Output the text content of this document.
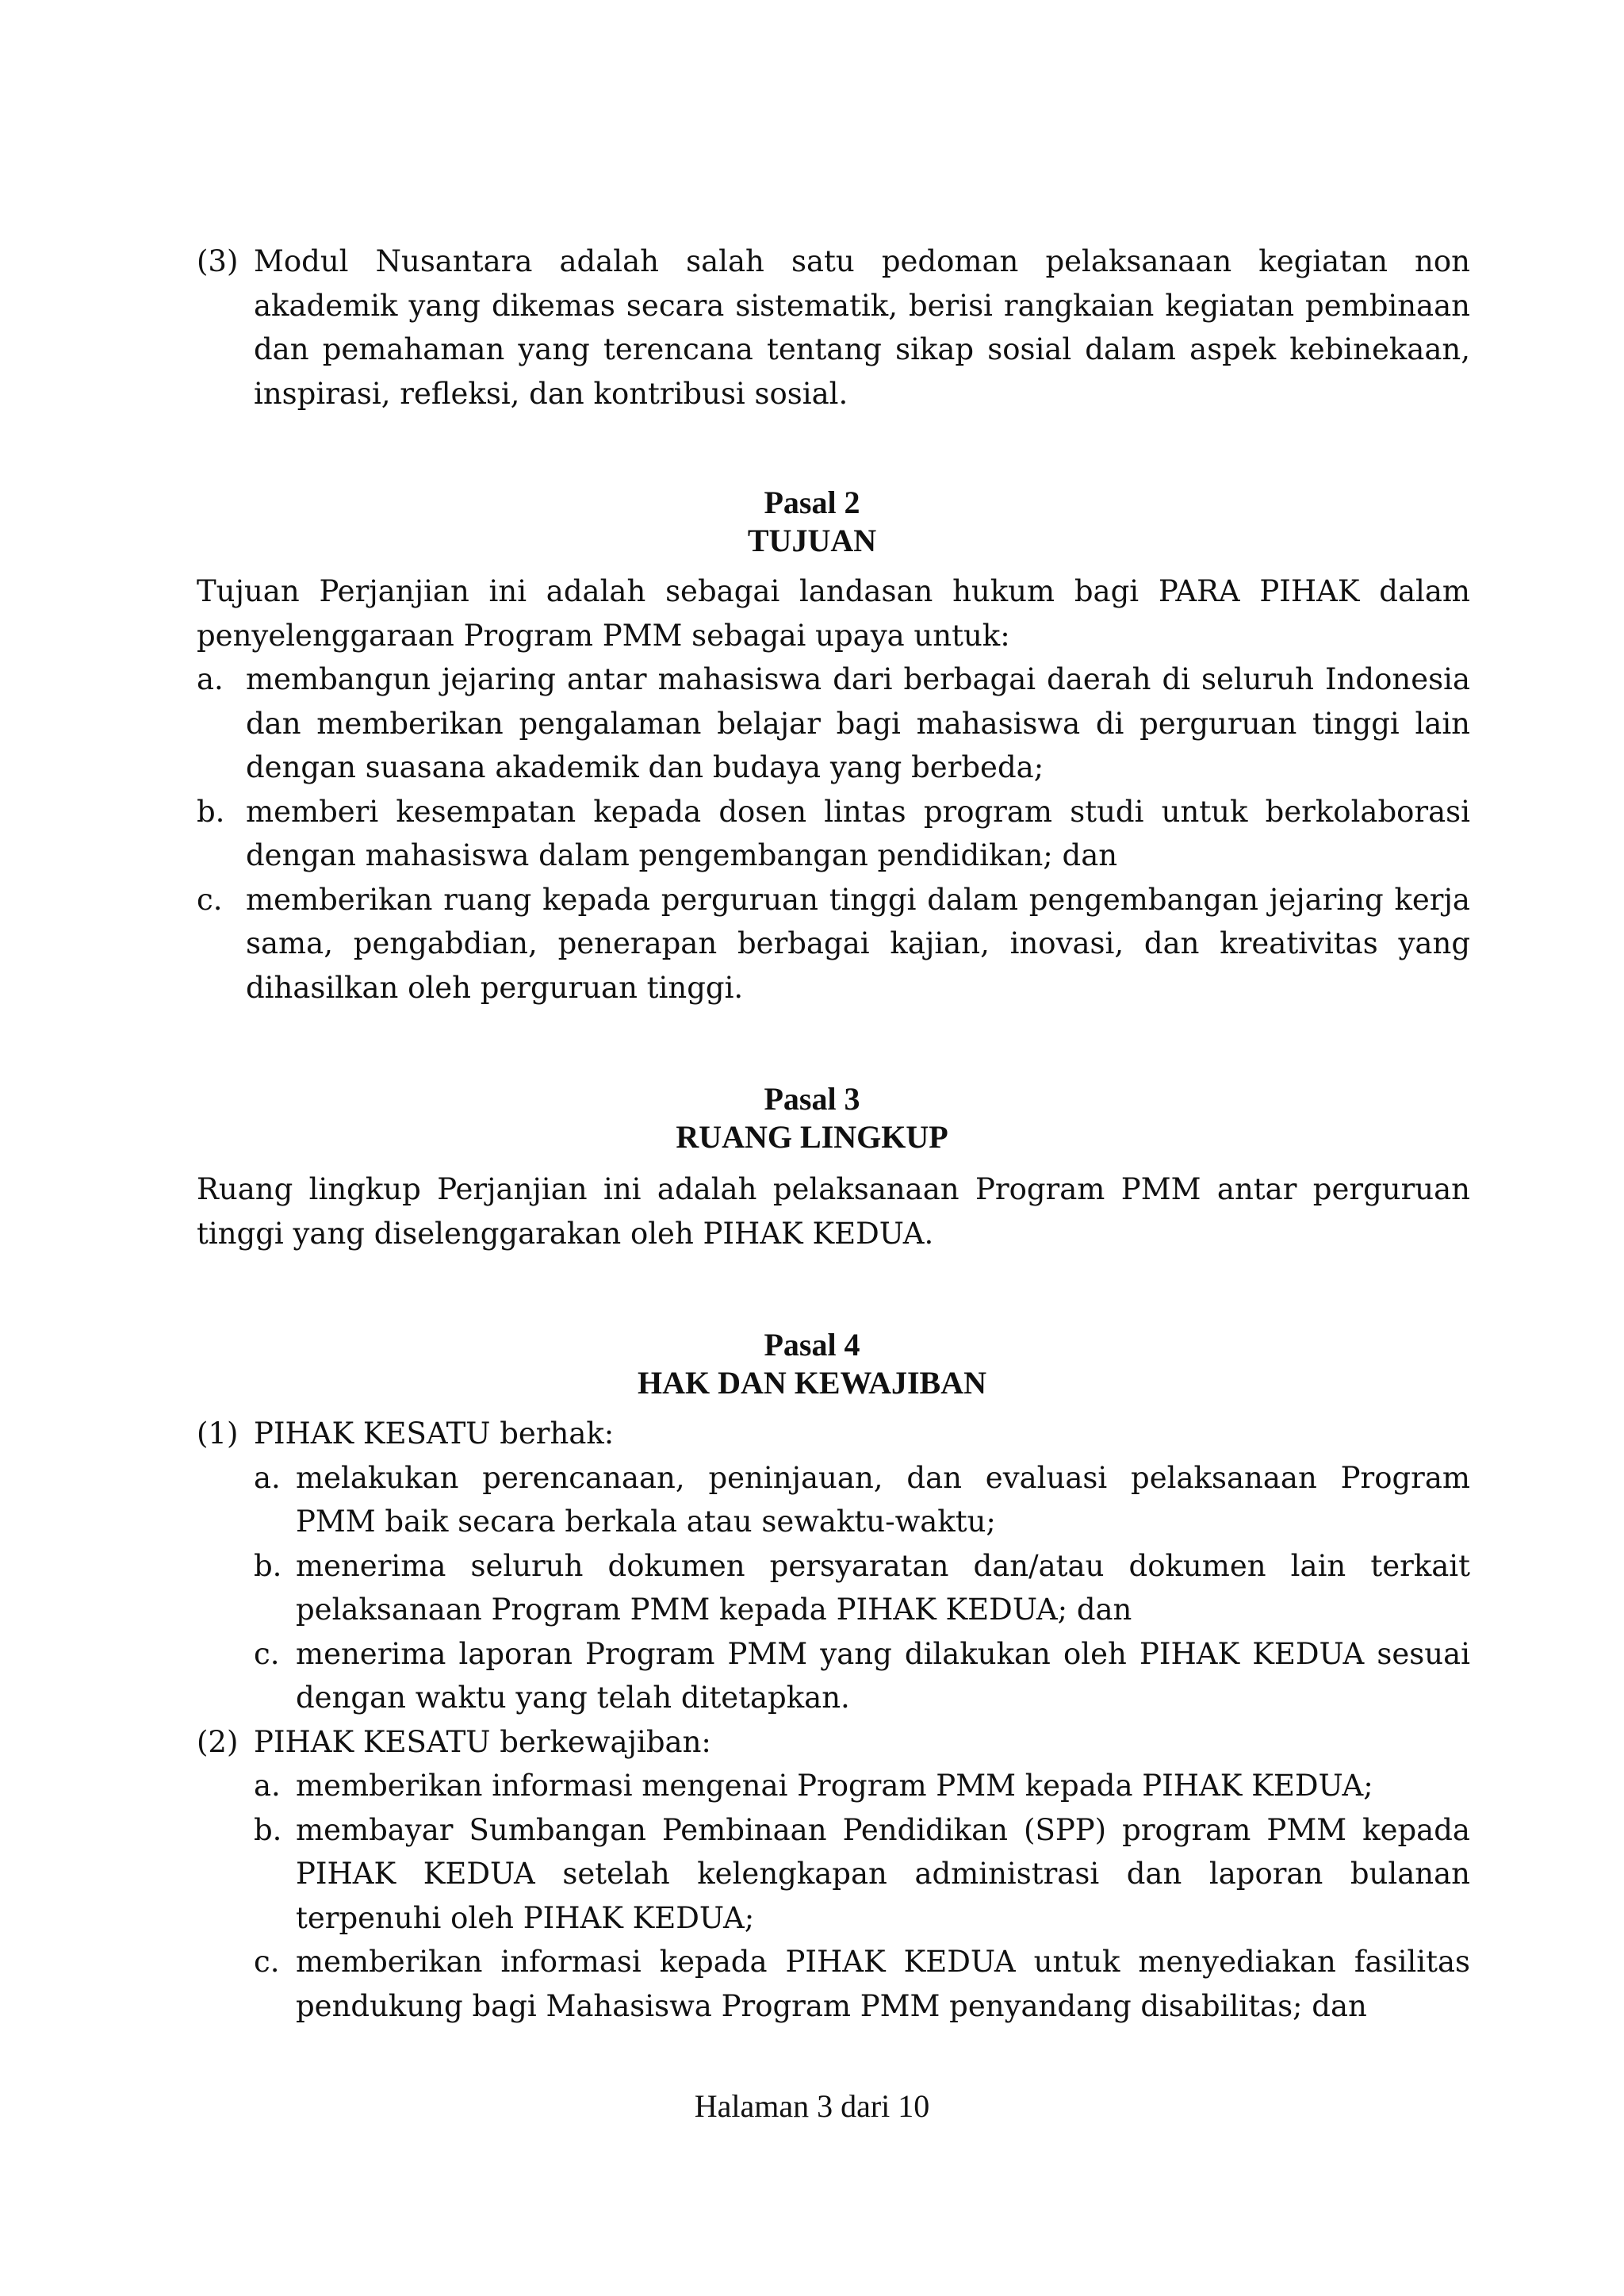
(3) Modul Nusantara adalah salah satu pedoman pelaksanaan kegiatan non akademik yang dikemas secara sistematik, berisi rangkaian kegiatan pembinaan dan pemahaman yang terencana tentang sikap sosial dalam aspek kebinekaan, inspirasi, refleksi, dan kontribusi sosial.
Pasal 2
TUJUAN
Tujuan Perjanjian ini adalah sebagai landasan hukum bagi PARA PIHAK dalam penyelenggaraan Program PMM sebagai upaya untuk:
a. membangun jejaring antar mahasiswa dari berbagai daerah di seluruh Indonesia dan memberikan pengalaman belajar bagi mahasiswa di perguruan tinggi lain dengan suasana akademik dan budaya yang berbeda;
b. memberi kesempatan kepada dosen lintas program studi untuk berkolaborasi dengan mahasiswa dalam pengembangan pendidikan; dan
c. memberikan ruang kepada perguruan tinggi dalam pengembangan jejaring kerja sama, pengabdian, penerapan berbagai kajian, inovasi, dan kreativitas yang dihasilkan oleh perguruan tinggi.
Pasal 3
RUANG LINGKUP
Ruang lingkup Perjanjian ini adalah pelaksanaan Program PMM antar perguruan tinggi yang diselenggarakan oleh PIHAK KEDUA.
Pasal 4
HAK DAN KEWAJIBAN
(1) PIHAK KESATU berhak:
a. melakukan perencanaan, peninjauan, dan evaluasi pelaksanaan Program PMM baik secara berkala atau sewaktu-waktu;
b. menerima seluruh dokumen persyaratan dan/atau dokumen lain terkait pelaksanaan Program PMM kepada PIHAK KEDUA; dan
c. menerima laporan Program PMM yang dilakukan oleh PIHAK KEDUA sesuai dengan waktu yang telah ditetapkan.
(2) PIHAK KESATU berkewajiban:
a. memberikan informasi mengenai Program PMM kepada PIHAK KEDUA;
b. membayar Sumbangan Pembinaan Pendidikan (SPP) program PMM kepada PIHAK KEDUA setelah kelengkapan administrasi dan laporan bulanan terpenuhi oleh PIHAK KEDUA;
c. memberikan informasi kepada PIHAK KEDUA untuk menyediakan fasilitas pendukung bagi Mahasiswa Program PMM penyandang disabilitas; dan
Halaman 3 dari 10
